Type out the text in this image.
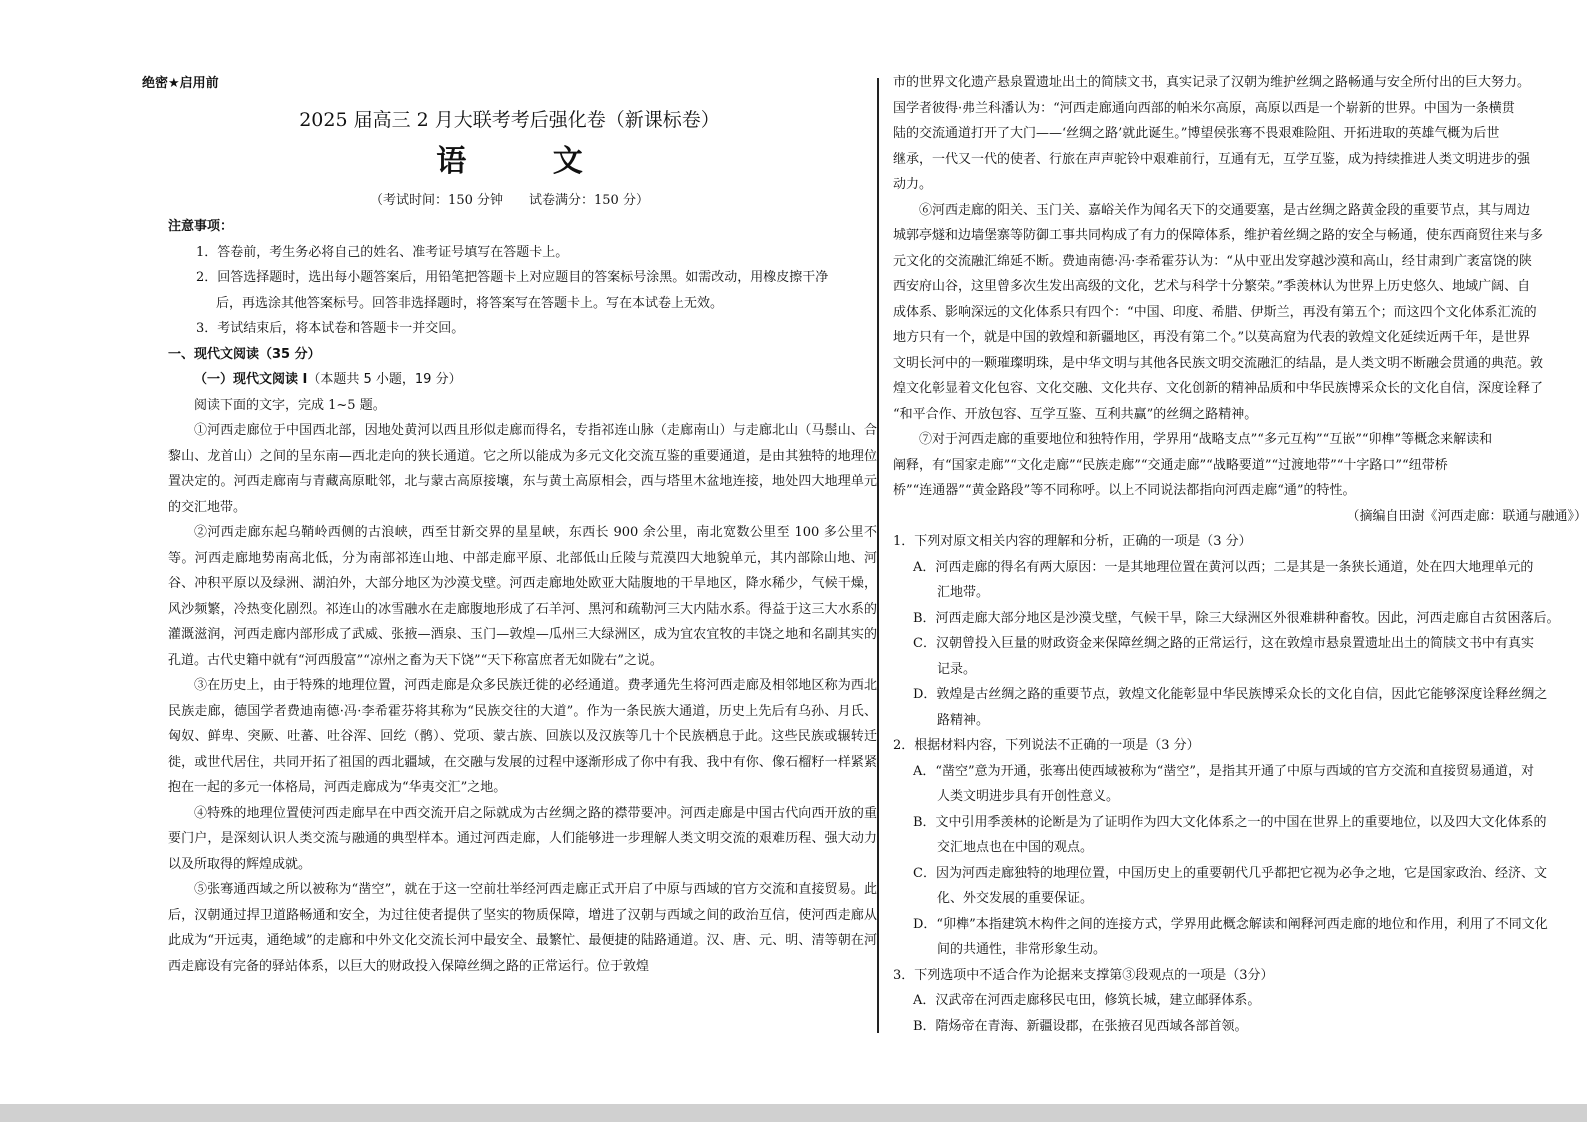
绝密★启用前
2025 届高三 2 月大联考考后强化卷（新课标卷）
语 文
（考试时间：150 分钟　　试卷满分：150 分）
注意事项：
1．答卷前，考生务必将自己的姓名、准考证号填写在答题卡上。
2．回答选择题时，选出每小题答案后，用铅笔把答题卡上对应题目的答案标号涂黑。如需改动，用橡皮擦干净
后，再选涂其他答案标号。回答非选择题时，将答案写在答题卡上。写在本试卷上无效。
3．考试结束后，将本试卷和答题卡一并交回。
一、现代文阅读（35 分）
（一）现代文阅读 I（本题共 5 小题，19 分）
阅读下面的文字，完成 1~5 题。

①河西走廊位于中国西北部，因地处黄河以西且形似走廊而得名，专指祁连山脉（走廊南山）与走廊北山（马鬃山、合黎山、龙首山）之间的呈东南—西北走向的狭长通道。它之所以能成为多元文化交流互鉴的重要通道，是由其独特的地理位置决定的。河西走廊南与青藏高原毗邻，北与蒙古高原接壤，东与黄土高原相会，西与塔里木盆地连接，地处四大地理单元的交汇地带。

②河西走廊东起乌鞘岭西侧的古浪峡，西至甘新交界的星星峡，东西长 900 余公里，南北宽数公里至 100 多公里不等。河西走廊地势南高北低，分为南部祁连山地、中部走廊平原、北部低山丘陵与荒漠四大地貌单元，其内部除山地、河谷、冲积平原以及绿洲、湖泊外，大部分地区为沙漠戈壁。河西走廊地处欧亚大陆腹地的干旱地区，降水稀少，气候干燥，风沙频繁，冷热变化剧烈。祁连山的冰雪融水在走廊腹地形成了石羊河、黑河和疏勒河三大内陆水系。得益于这三大水系的灌溉滋润，河西走廊内部形成了武威、张掖—酒泉、玉门—敦煌—瓜州三大绿洲区，成为宜农宜牧的丰饶之地和名副其实的孔道。古代史籍中就有“河西殷富”“凉州之畜为天下饶”“天下称富庶者无如陇右”之说。

③在历史上，由于特殊的地理位置，河西走廊是众多民族迁徙的必经通道。费孝通先生将河西走廊及相邻地区称为西北民族走廊，德国学者费迪南德·冯·李希霍芬将其称为“民族交往的大道”。作为一条民族大通道，历史上先后有乌孙、月氏、匈奴、鲜卑、突厥、吐蕃、吐谷浑、回纥（鹘）、党项、蒙古族、回族以及汉族等几十个民族栖息于此。这些民族或辗转迁徙，或世代居住，共同开拓了祖国的西北疆域，在交融与发展的过程中逐渐形成了你中有我、我中有你、像石榴籽一样紧紧抱在一起的多元一体格局，河西走廊成为“华夷交汇”之地。

④特殊的地理位置使河西走廊早在中西交流开启之际就成为古丝绸之路的襟带要冲。河西走廊是中国古代向西开放的重要门户，是深刻认识人类交流与融通的典型样本。通过河西走廊，人们能够进一步理解人类文明交流的艰难历程、强大动力以及所取得的辉煌成就。

⑤张骞通西域之所以被称为“凿空”，就在于这一空前壮举经河西走廊正式开启了中原与西域的官方交流和直接贸易。此后，汉朝通过捍卫道路畅通和安全，为过往使者提供了坚实的物质保障，增进了汉朝与西域之间的政治互信，使河西走廊从此成为“开远夷，通绝域”的走廊和中外文化交流长河中最安全、最繁忙、最便捷的陆路通道。汉、唐、元、明、清等朝在河西走廊设有完备的驿站体系，以巨大的财政投入保障丝绸之路的正常运行。位于敦煌

市的世界文化遗产悬泉置遗址出土的简牍文书，真实记录了汉朝为维护丝绸之路畅通与安全所付出的巨大努力。
国学者彼得·弗兰科潘认为：“河西走廊通向西部的帕米尔高原，高原以西是一个崭新的世界。中国为一条横贯
陆的交流通道打开了大门——‘丝绸之路’就此诞生。”博望侯张骞不畏艰难险阻、开拓进取的英雄气概为后世
继承，一代又一代的使者、行旅在声声驼铃中艰难前行，互通有无，互学互鉴，成为持续推进人类文明进步的强
动力。
⑥河西走廊的阳关、玉门关、嘉峪关作为闻名天下的交通要塞，是古丝绸之路黄金段的重要节点，其与周边
城郭亭燧和边墙堡寨等防御工事共同构成了有力的保障体系，维护着丝绸之路的安全与畅通，使东西商贸往来与多
元文化的交流融汇绵延不断。费迪南德·冯·李希霍芬认为：“从中亚出发穿越沙漠和高山，经甘肃到广袤富饶的陕
西安府山谷，这里曾多次生发出高级的文化，艺术与科学十分繁荣。”季羡林认为世界上历史悠久、地域广阔、自
成体系、影响深远的文化体系只有四个：“中国、印度、希腊、伊斯兰，再没有第五个；而这四个文化体系汇流的
地方只有一个，就是中国的敦煌和新疆地区，再没有第二个。”以莫高窟为代表的敦煌文化延续近两千年，是世界
文明长河中的一颗璀璨明珠，是中华文明与其他各民族文明交流融汇的结晶，是人类文明不断融会贯通的典范。敦
煌文化彰显着文化包容、文化交融、文化共存、文化创新的精神品质和中华民族博采众长的文化自信，深度诠释了
“和平合作、开放包容、互学互鉴、互利共赢”的丝绸之路精神。
⑦对于河西走廊的重要地位和独特作用，学界用“战略支点”“多元互构”“互嵌”“卯榫”等概念来解读和
阐释，有“国家走廊”“文化走廊”“民族走廊”“交通走廊”“战略要道”“过渡地带”“十字路口”“纽带桥
桥”“连通器”“黄金路段”等不同称呼。以上不同说法都指向河西走廊“通”的特性。
（摘编自田澍《河西走廊：联通与融通》）
1．下列对原文相关内容的理解和分析，正确的一项是（3 分）
A．河西走廊的得名有两大原因：一是其地理位置在黄河以西；二是其是一条狭长通道，处在四大地理单元的
汇地带。
B．河西走廊大部分地区是沙漠戈壁，气候干旱，除三大绿洲区外很难耕种畜牧。因此，河西走廊自古贫困落后。
C．汉朝曾投入巨量的财政资金来保障丝绸之路的正常运行，这在敦煌市悬泉置遗址出土的简牍文书中有真实
记录。
D．敦煌是古丝绸之路的重要节点，敦煌文化能彰显中华民族博采众长的文化自信，因此它能够深度诠释丝绸之
路精神。
2．根据材料内容，下列说法不正确的一项是（3 分）
A．“凿空”意为开通，张骞出使西域被称为“凿空”，是指其开通了中原与西域的官方交流和直接贸易通道，对
人类文明进步具有开创性意义。
B．文中引用季羡林的论断是为了证明作为四大文化体系之一的中国在世界上的重要地位，以及四大文化体系的
交汇地点也在中国的观点。
C．因为河西走廊独特的地理位置，中国历史上的重要朝代几乎都把它视为必争之地，它是国家政治、经济、文
化、外交发展的重要保证。
D．“卯榫”本指建筑木构件之间的连接方式，学界用此概念解读和阐释河西走廊的地位和作用，利用了不同文化
间的共通性，非常形象生动。
3．下列选项中不适合作为论据来支撑第③段观点的一项是（3分）
A．汉武帝在河西走廊移民屯田，修筑长城，建立邮驿体系。
B．隋炀帝在青海、新疆设郡，在张掖召见西域各部首领。
